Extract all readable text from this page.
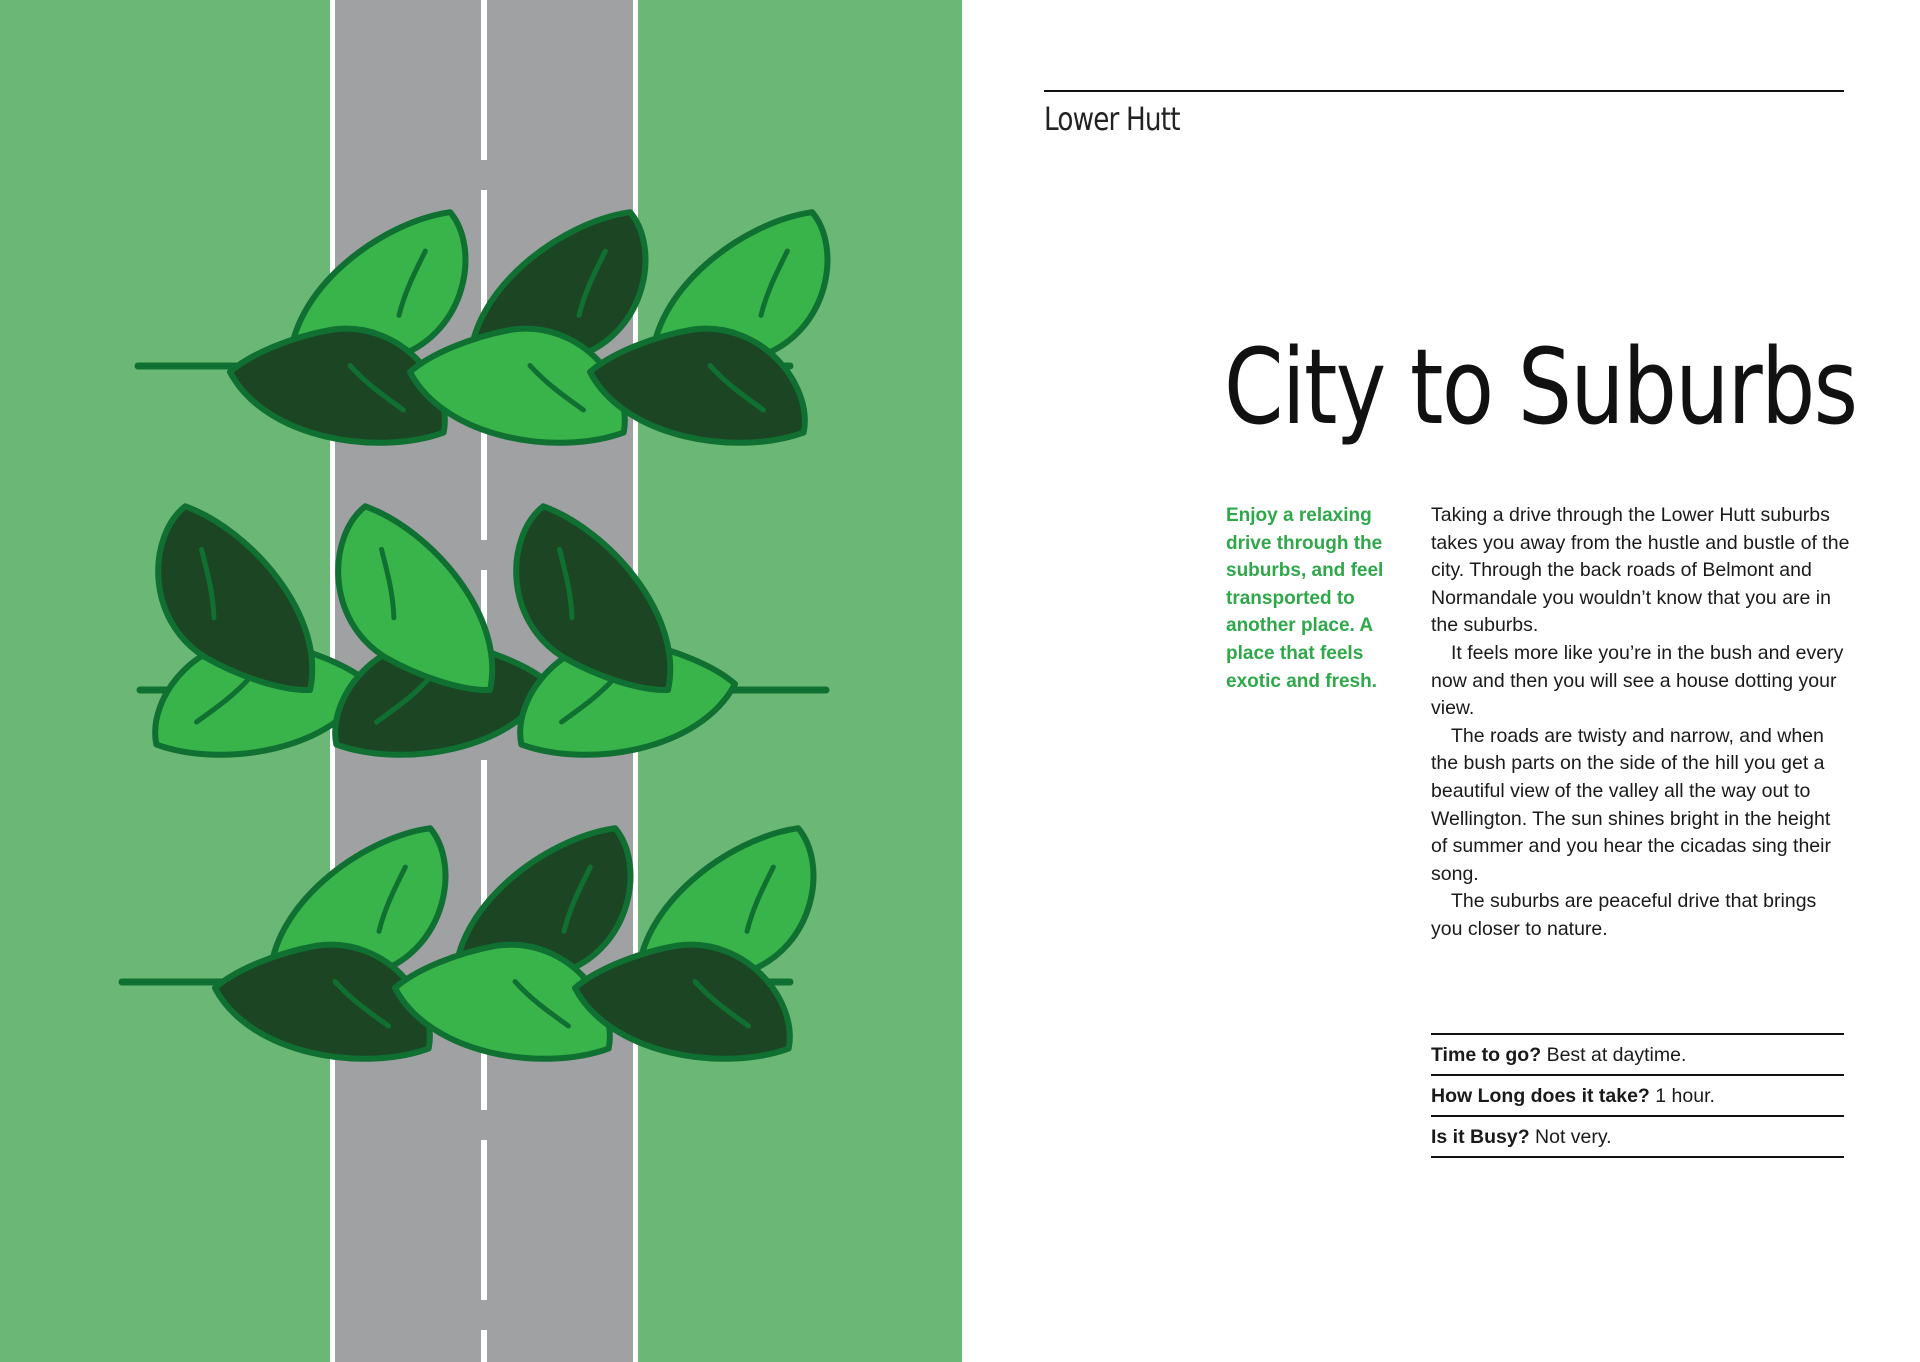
Lower Hutt
City to Suburbs

Enjoy a relaxing drive through the suburbs, and feel transported to another place. A place that feels exotic and fresh.

Taking a drive through the Lower Hutt suburbs takes you away from the hustle and bustle of the city. Through the back roads of Belmont and Normandale you wouldn’t know that you are in the suburbs.

It feels more like you’re in the bush and every now and then you will see a house dotting your view.

The roads are twisty and narrow, and when the bush parts on the side of the hill you get a beautiful view of the valley all the way out to Wellington. The sun shines bright in the height of summer and you hear the cicadas sing their song.

The suburbs are peaceful drive that brings you closer to nature.

Time to go? Best at daytime.
How Long does it take? 1 hour.
Is it Busy? Not very.
